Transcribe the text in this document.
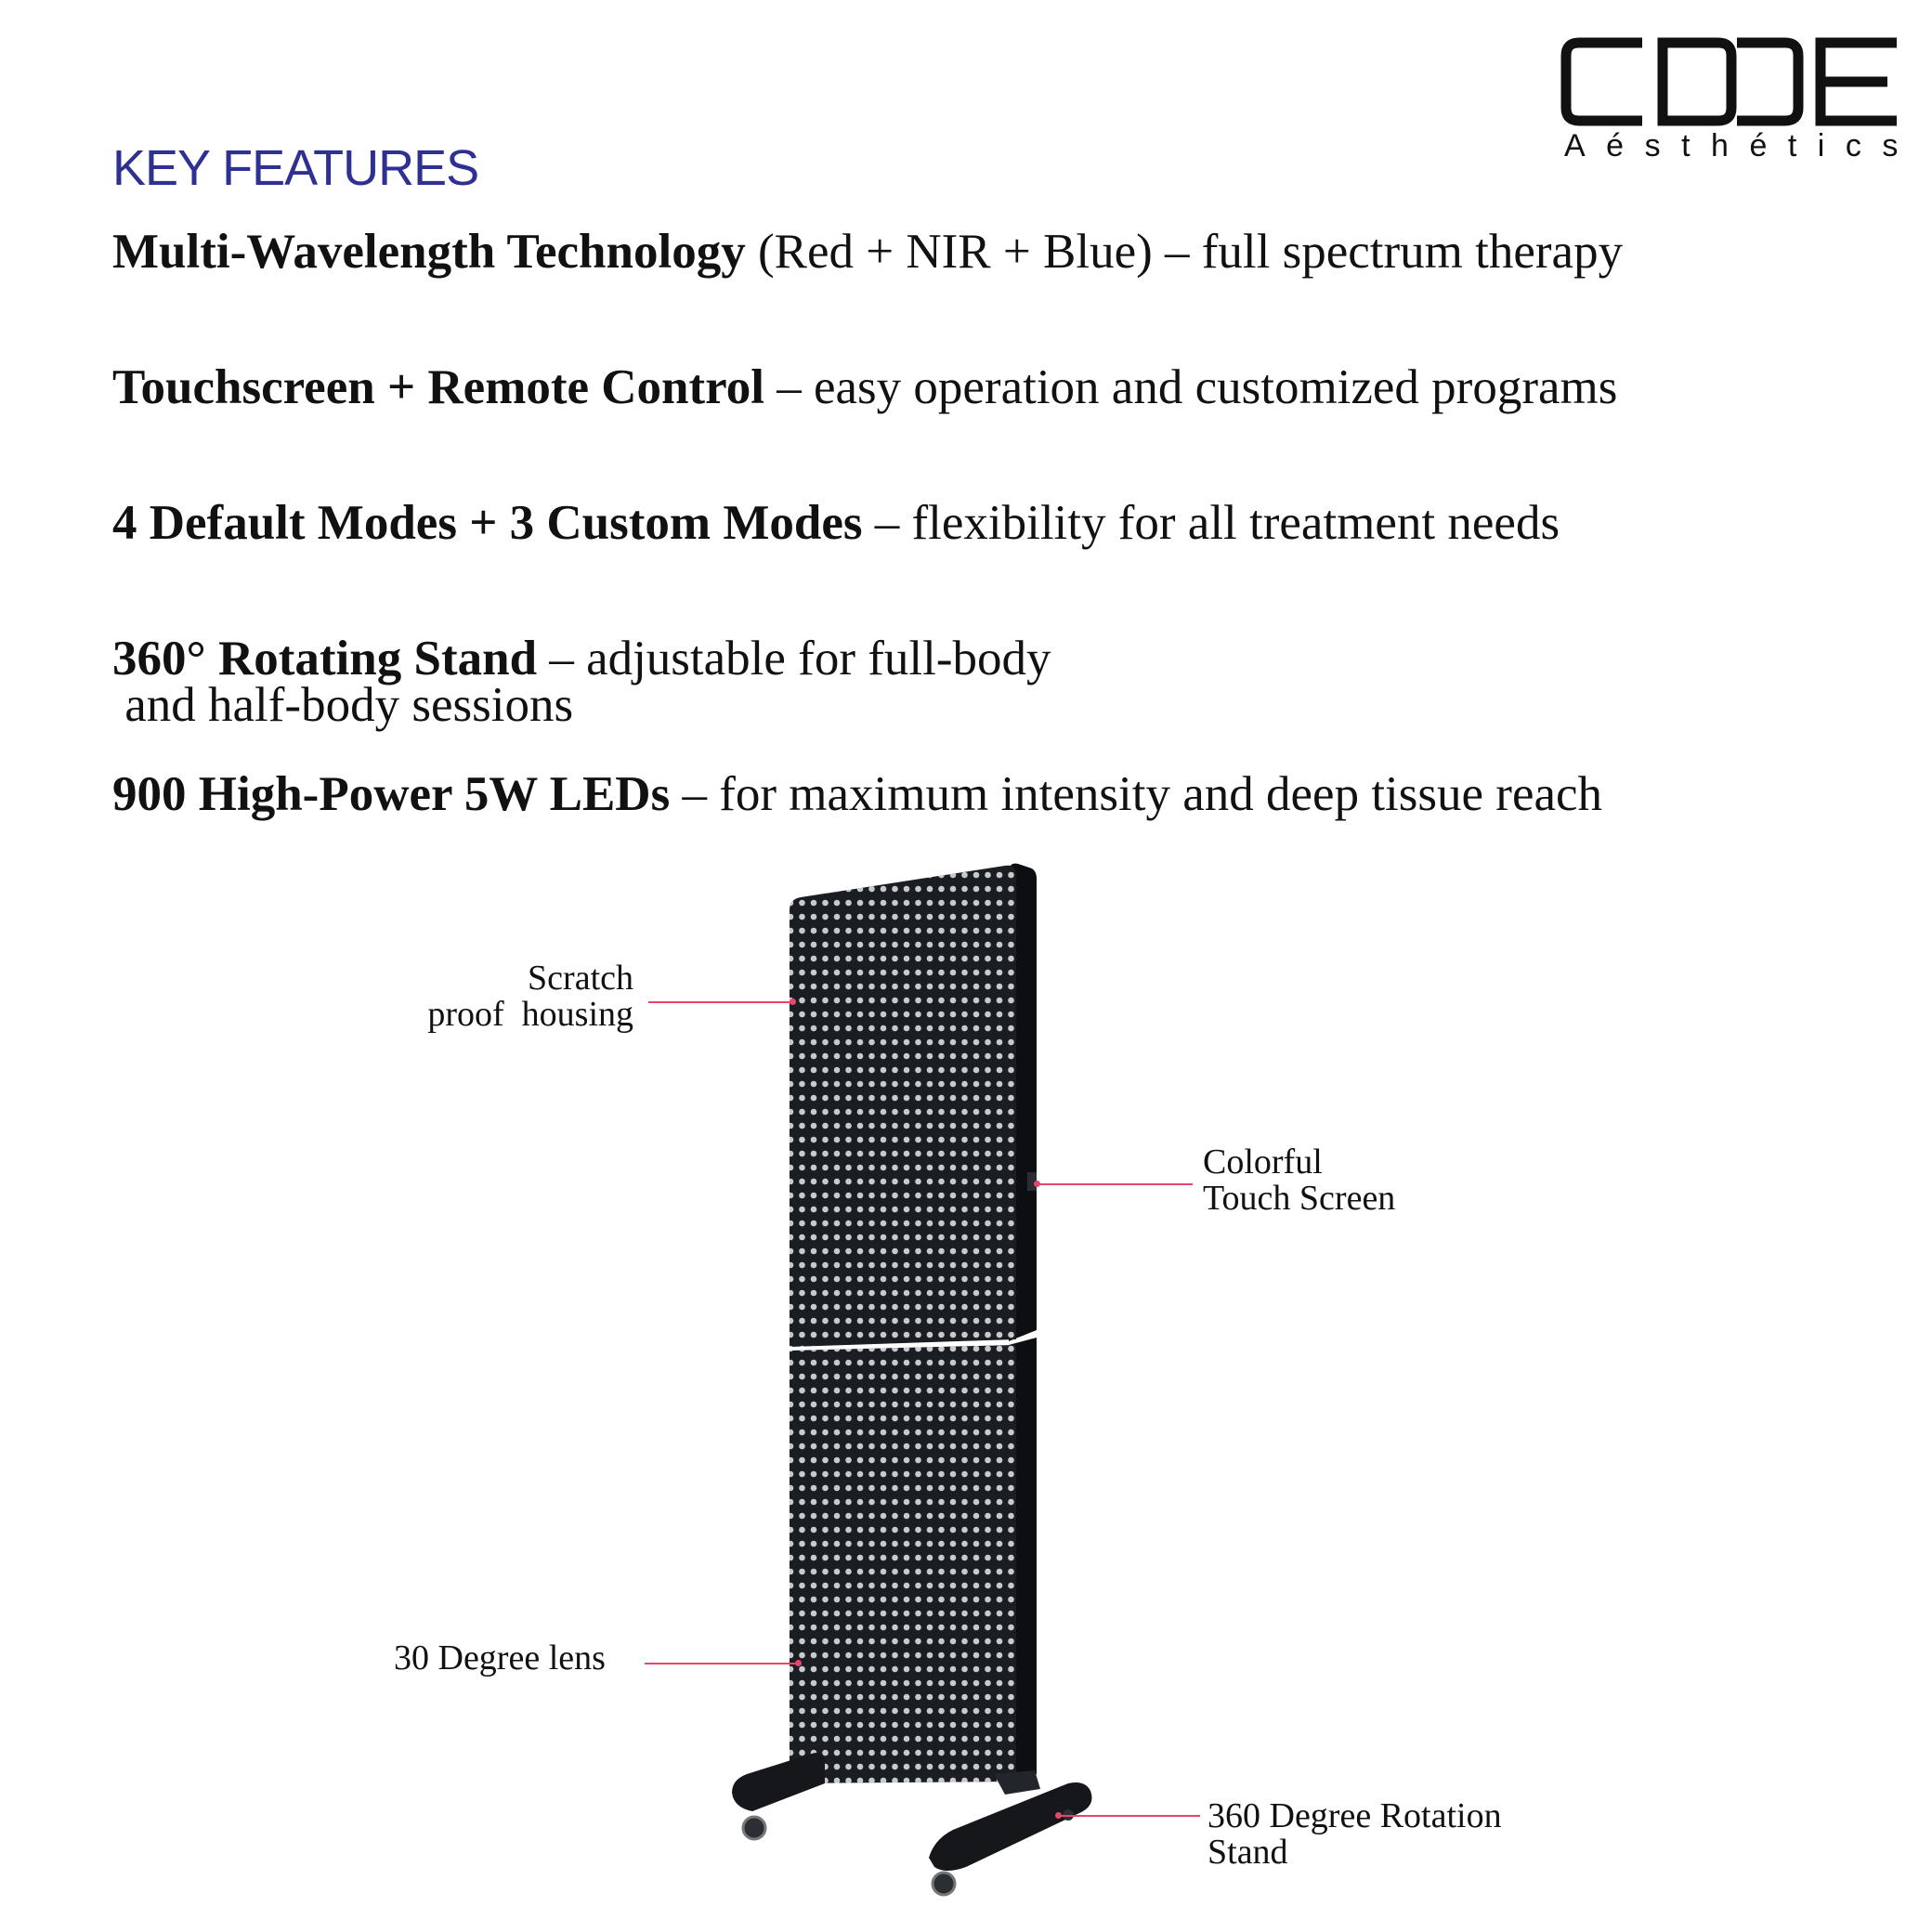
Aésthétics
KEY FEATURES

Multi-Wavelength Technology (Red + NIR + Blue) – full spectrum therapy

Touchscreen + Remote Control – easy operation and customized programs

4 Default Modes + 3 Custom Modes – flexibility for all treatment needs

360° Rotating Stand – adjustable for full-body
and half-body sessions

900 High-Power 5W LEDs – for maximum intensity and deep tissue reach

Scratch
proof  housing
Colorful
Touch Screen
30 Degree lens
360 Degree Rotation
Stand
